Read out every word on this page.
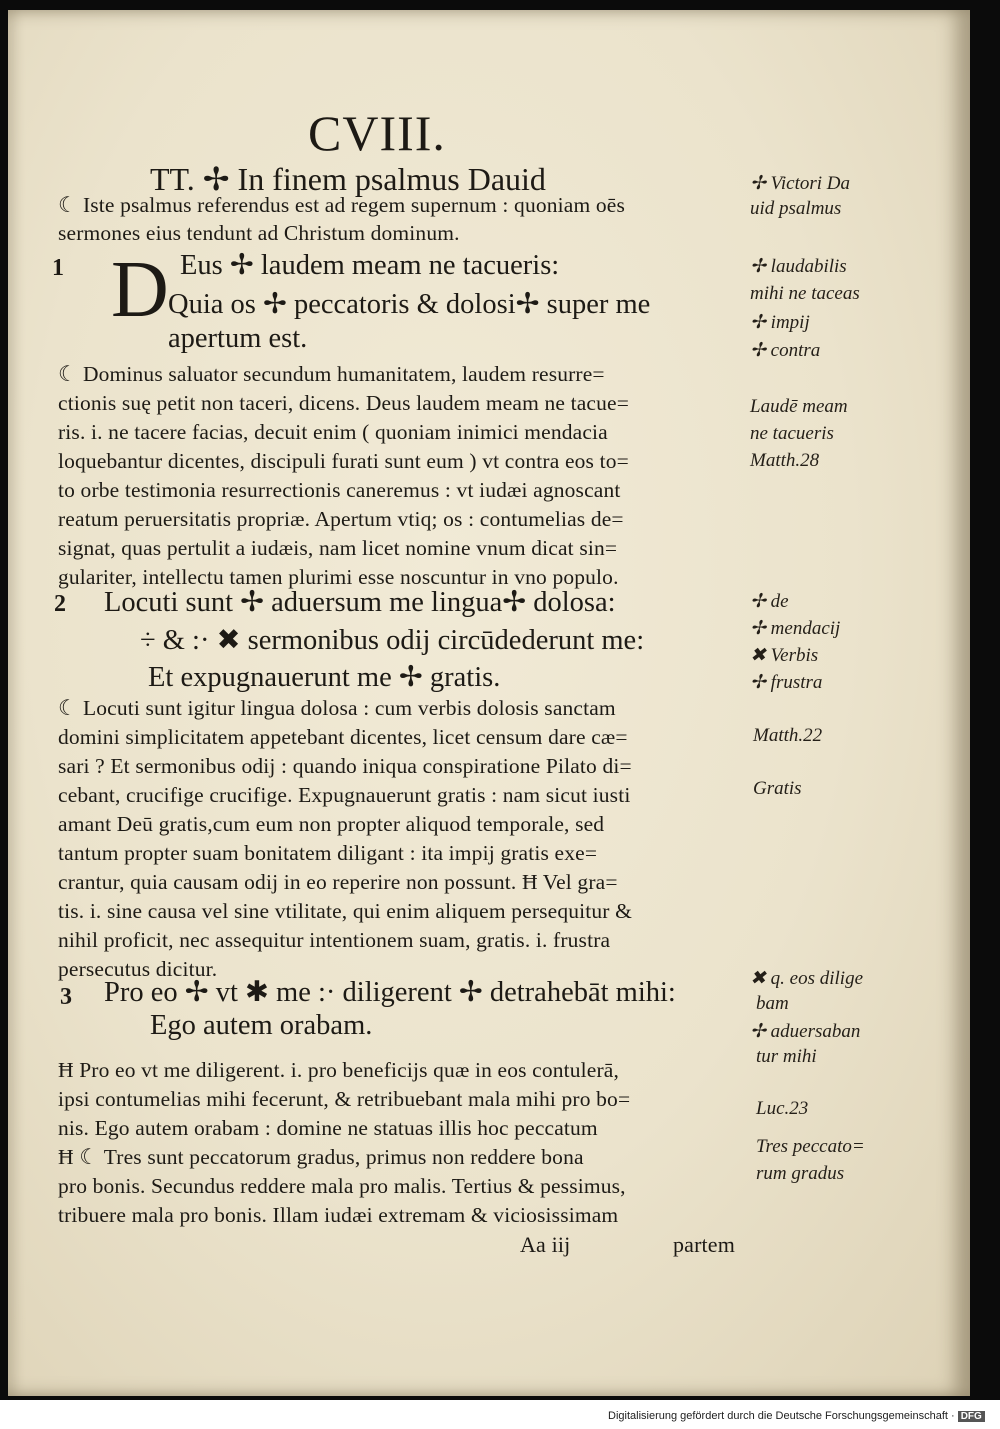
CVIII.
TT. ✢ In finem psalmus Dauid
☾ Iste psalmus referendus est ad regem supernum : quoniam oēs
sermones eius tendunt ad Christum dominum.
1 D Eus ✢ laudem meam ne tacueris:
Quia os ✢ peccatoris & dolosi✢ super me
apertum est.
☾ Dominus saluator secundum humanitatem, laudem resurre=
ctionis suę petit non taceri, dicens. Deus laudem meam ne tacue=
ris. i. ne tacere facias, decuit enim ( quoniam inimici mendacia
loquebantur dicentes, discipuli furati sunt eum ) vt contra eos to=
to orbe testimonia resurrectionis caneremus : vt iudæi agnoscant
reatum peruersitatis propriæ. Apertum vtiq; os : contumelias de=
signat, quas pertulit a iudæis, nam licet nomine vnum dicat sin=
gulariter, intellectu tamen plurimi esse noscuntur in vno populo.
2 Locuti sunt ✢ aduersum me lingua✢ dolosa:
÷ & :· ✖ sermonibus odij circūdederunt me:
Et expugnauerunt me ✢ gratis.
☾ Locuti sunt igitur lingua dolosa : cum verbis dolosis sanctam
domini simplicitatem appetebant dicentes, licet censum dare cæ=
sari ? Et sermonibus odij : quando iniqua conspiratione Pilato di=
cebant, crucifige crucifige. Expugnauerunt gratis : nam sicut iusti
amant Deū gratis,cum eum non propter aliquod temporale, sed
tantum propter suam bonitatem diligant : ita impij gratis exe=
crantur, quia causam odij in eo reperire non possunt. Ħ Vel gra=
tis. i. sine causa vel sine vtilitate, qui enim aliquem persequitur &
nihil proficit, nec assequitur intentionem suam, gratis. i. frustra
persecutus dicitur.
3 Pro eo ✢ vt ✱ me :· diligerent ✢ detrahebāt mihi:
Ego autem orabam.
Ħ Pro eo vt me diligerent. i. pro beneficijs quæ in eos contulerā,
ipsi contumelias mihi fecerunt, & retribuebant mala mihi pro bo=
nis. Ego autem orabam : domine ne statuas illis hoc peccatum
Ħ ☾ Tres sunt peccatorum gradus, primus non reddere bona
pro bonis. Secundus reddere mala pro malis. Tertius & pessimus,
tribuere mala pro bonis. Illam iudæi extremam & viciosissimam
Aa iij	partem
✢ Victori Da
uid psalmus
✢ laudabilis
mihi ne taceas
✢ impij
✢ contra
Laudē meam
ne tacueris
Matth.28
✢ de
✢ mendacij
✖ Verbis
✢ frustra
Matth.22
Gratis
✖ q. eos dilige
bam
✢ aduersaban
tur mihi
Luc.23
Tres peccato=
rum gradus
Digitalisierung gefördert durch die Deutsche Forschungsgemeinschaft · DFG
